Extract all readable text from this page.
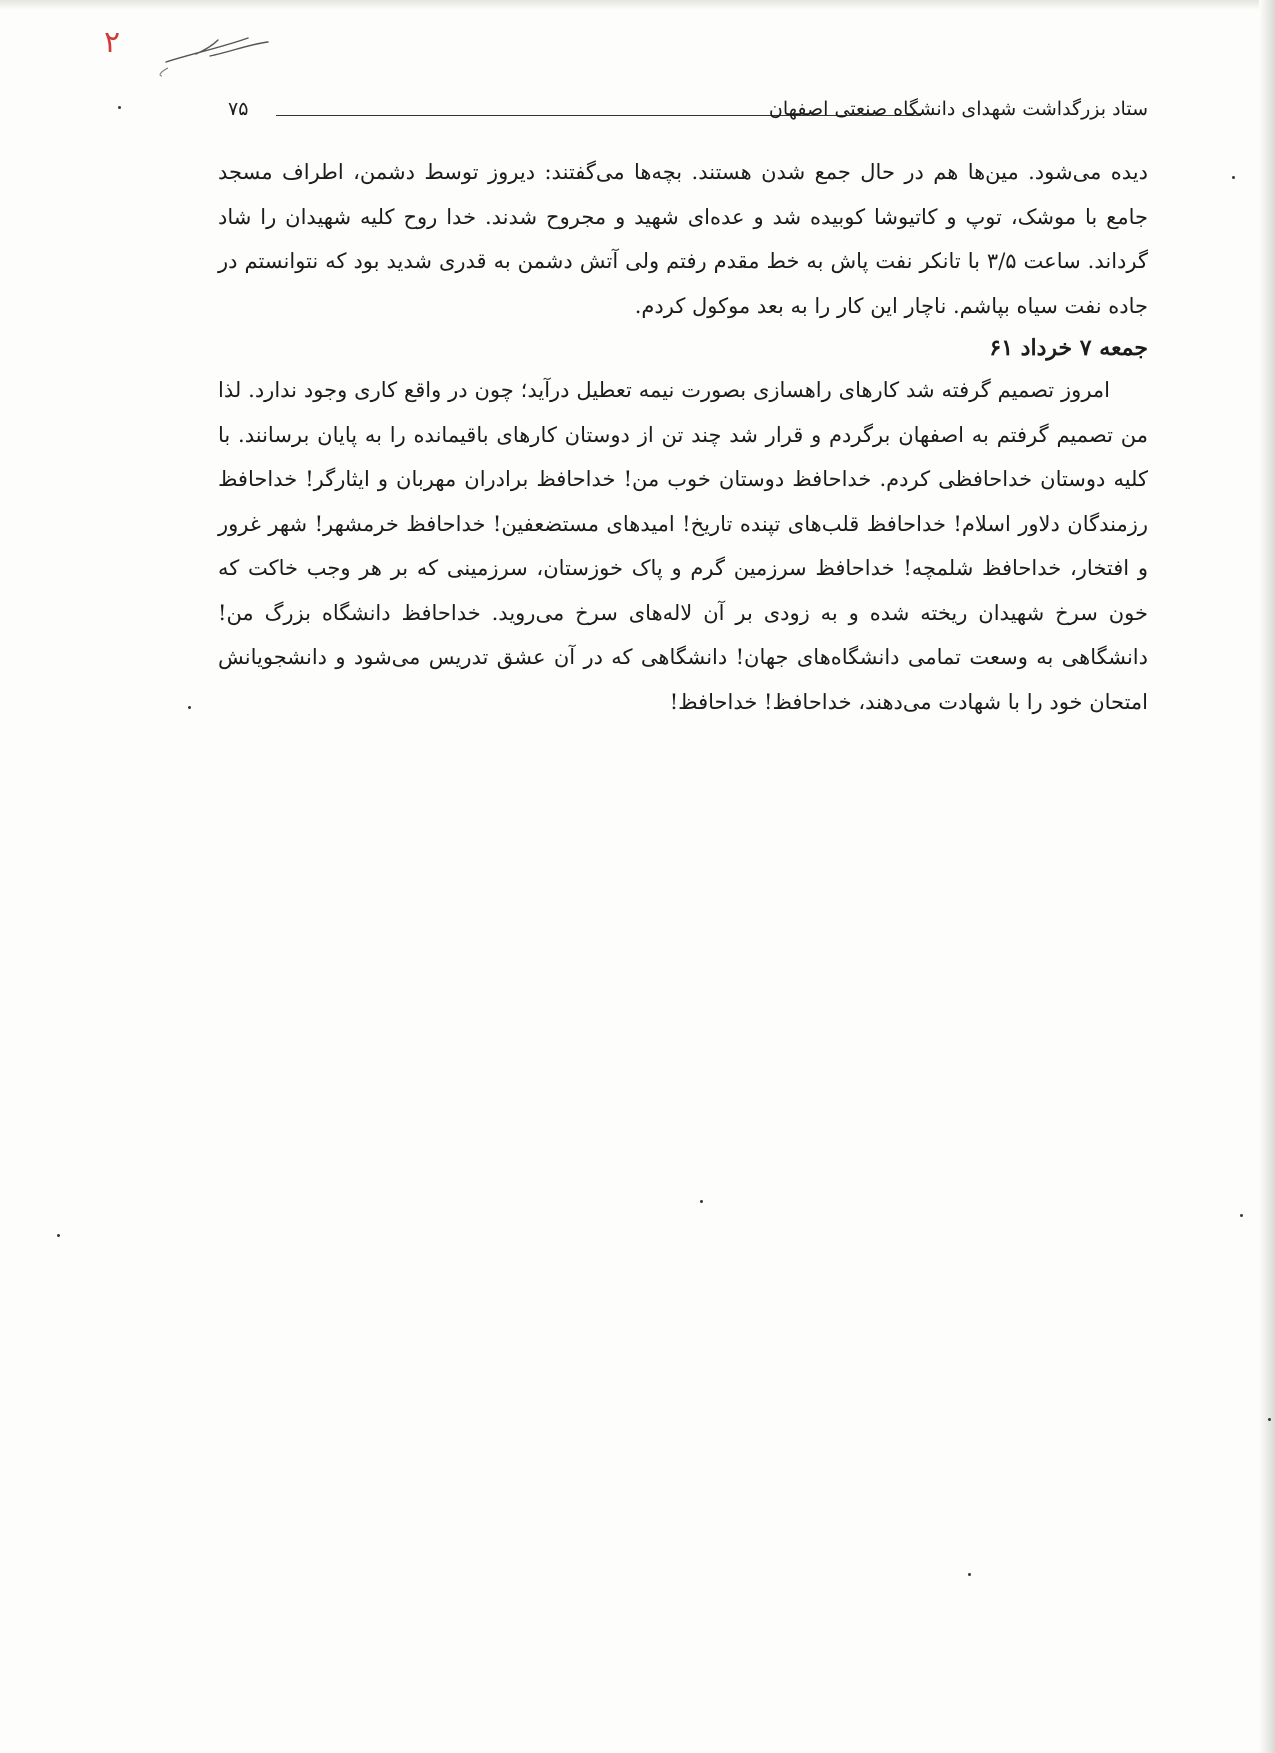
۲
۷۵	ستاد بزرگداشت شهدای دانشگاه صنعتی اصفهان

دیده می‌شود. مین‌ها هم در حال جمع شدن هستند. بچه‌ها می‌گفتند: دیروز توسط دشمن، اطراف مسجد جامع با موشک، توپ و کاتیوشا کوبیده شد و عده‌ای شهید و مجروح شدند. خدا روح کلیه شهیدان را شاد گرداند. ساعت ۳/۵ با تانکر نفت پاش به خط مقدم رفتم ولی آتش دشمن به قدری شدید بود که نتوانستم در جاده نفت سیاه بپاشم. ناچار این کار را به بعد موکول کردم.

جمعه ۷ خرداد ۶۱

امروز تصمیم گرفته شد کارهای راهسازی بصورت نیمه تعطیل درآید؛ چون در واقع کاری وجود ندارد. لذا من تصمیم گرفتم به اصفهان برگردم و قرار شد چند تن از دوستان کارهای باقیمانده را به پایان برسانند. با کلیه دوستان خداحافظی کردم. خداحافظ دوستان خوب من! خداحافظ برادران مهربان و ایثارگر! خداحافظ رزمندگان دلاور اسلام! خداحافظ قلب‌های تپنده تاریخ! امیدهای مستضعفین! خداحافظ خرمشهر! شهر غرور و افتخار، خداحافظ شلمچه! خداحافظ سرزمین گرم و پاک خوزستان، سرزمینی که بر هر وجب خاکت که خون سرخ شهیدان ریخته شده و به زودی بر آن لاله‌های سرخ می‌روید. خداحافظ دانشگاه بزرگ من! دانشگاهی به وسعت تمامی دانشگاه‌های جهان! دانشگاهی که در آن عشق تدریس می‌شود و دانشجویانش امتحان خود را با شهادت می‌دهند، خداحافظ! خداحافظ!
